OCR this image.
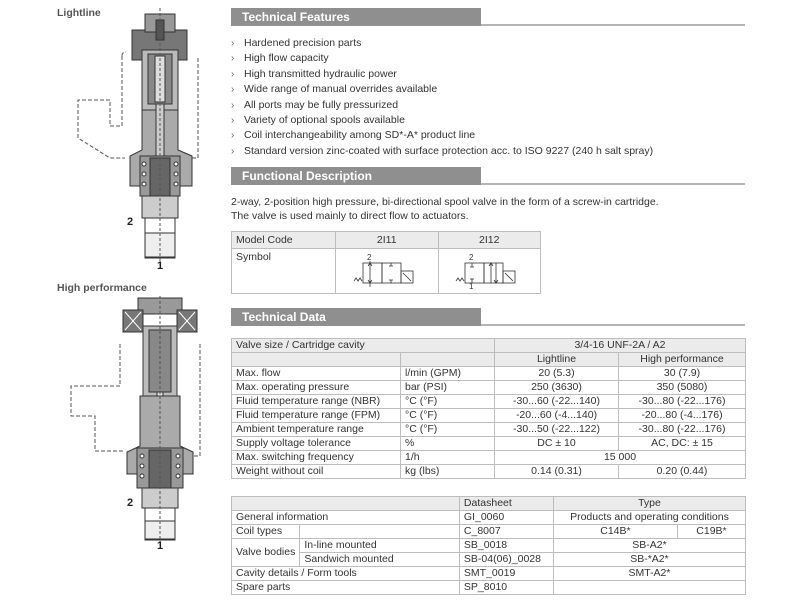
Lightline
2
1
High performance
2
1
Technical Features
› Hardened precision parts
› High flow capacity
› High transmitted hydraulic power
› Wide range of manual overrides available
› All ports may be fully pressurized
› Variety of optional spools available
› Coil interchangeability among SD*-A* product line
› Standard version zinc-coated with surface protection acc. to ISO 9227 (240 h salt spray)
Functional Description
2-way, 2-position high pressure, bi-directional spool valve in the form of a screw-in cartridge.
The valve is used mainly to direct flow to actuators.
Model Code	2I11	2I12
Symbol	2	2
1
Technical Data
Valve size / Cartridge cavity		3/4-16 UNF-2A / A2	
		Lightline	High performance
Max. flow	l/min (GPM)	20 (5.3)	30 (7.9)
Max. operating pressure	bar (PSI)	250 (3630)	350 (5080)
Fluid temperature range (NBR)	°C (°F)	-30...60 (-22...140)	-30...80 (-22...176)
Fluid temperature range (FPM)	°C (°F)	-20...60 (-4...140)	-20...80 (-4...176)
Ambient temperature range	°C (°F)	-30...50 (-22...122)	-30...80 (-22...176)
Supply voltage tolerance	%	DC ± 10	AC, DC: ± 15
Max. switching frequency	1/h	15 000	
Weight without coil	kg (lbs)	0.14 (0.31)	0.20 (0.44)
		Datasheet	Type	
General information		GI_0060	Products and operating conditions	
Coil types		C_8007	C14B*	C19B*
Valve bodies	In-line mounted	SB_0018	SB-A2*	
	Sandwich mounted	SB-04(06)_0028	SB-*A2*	
Cavity details / Form tools		SMT_0019	SMT-A2*	
Spare parts		SP_8010		
